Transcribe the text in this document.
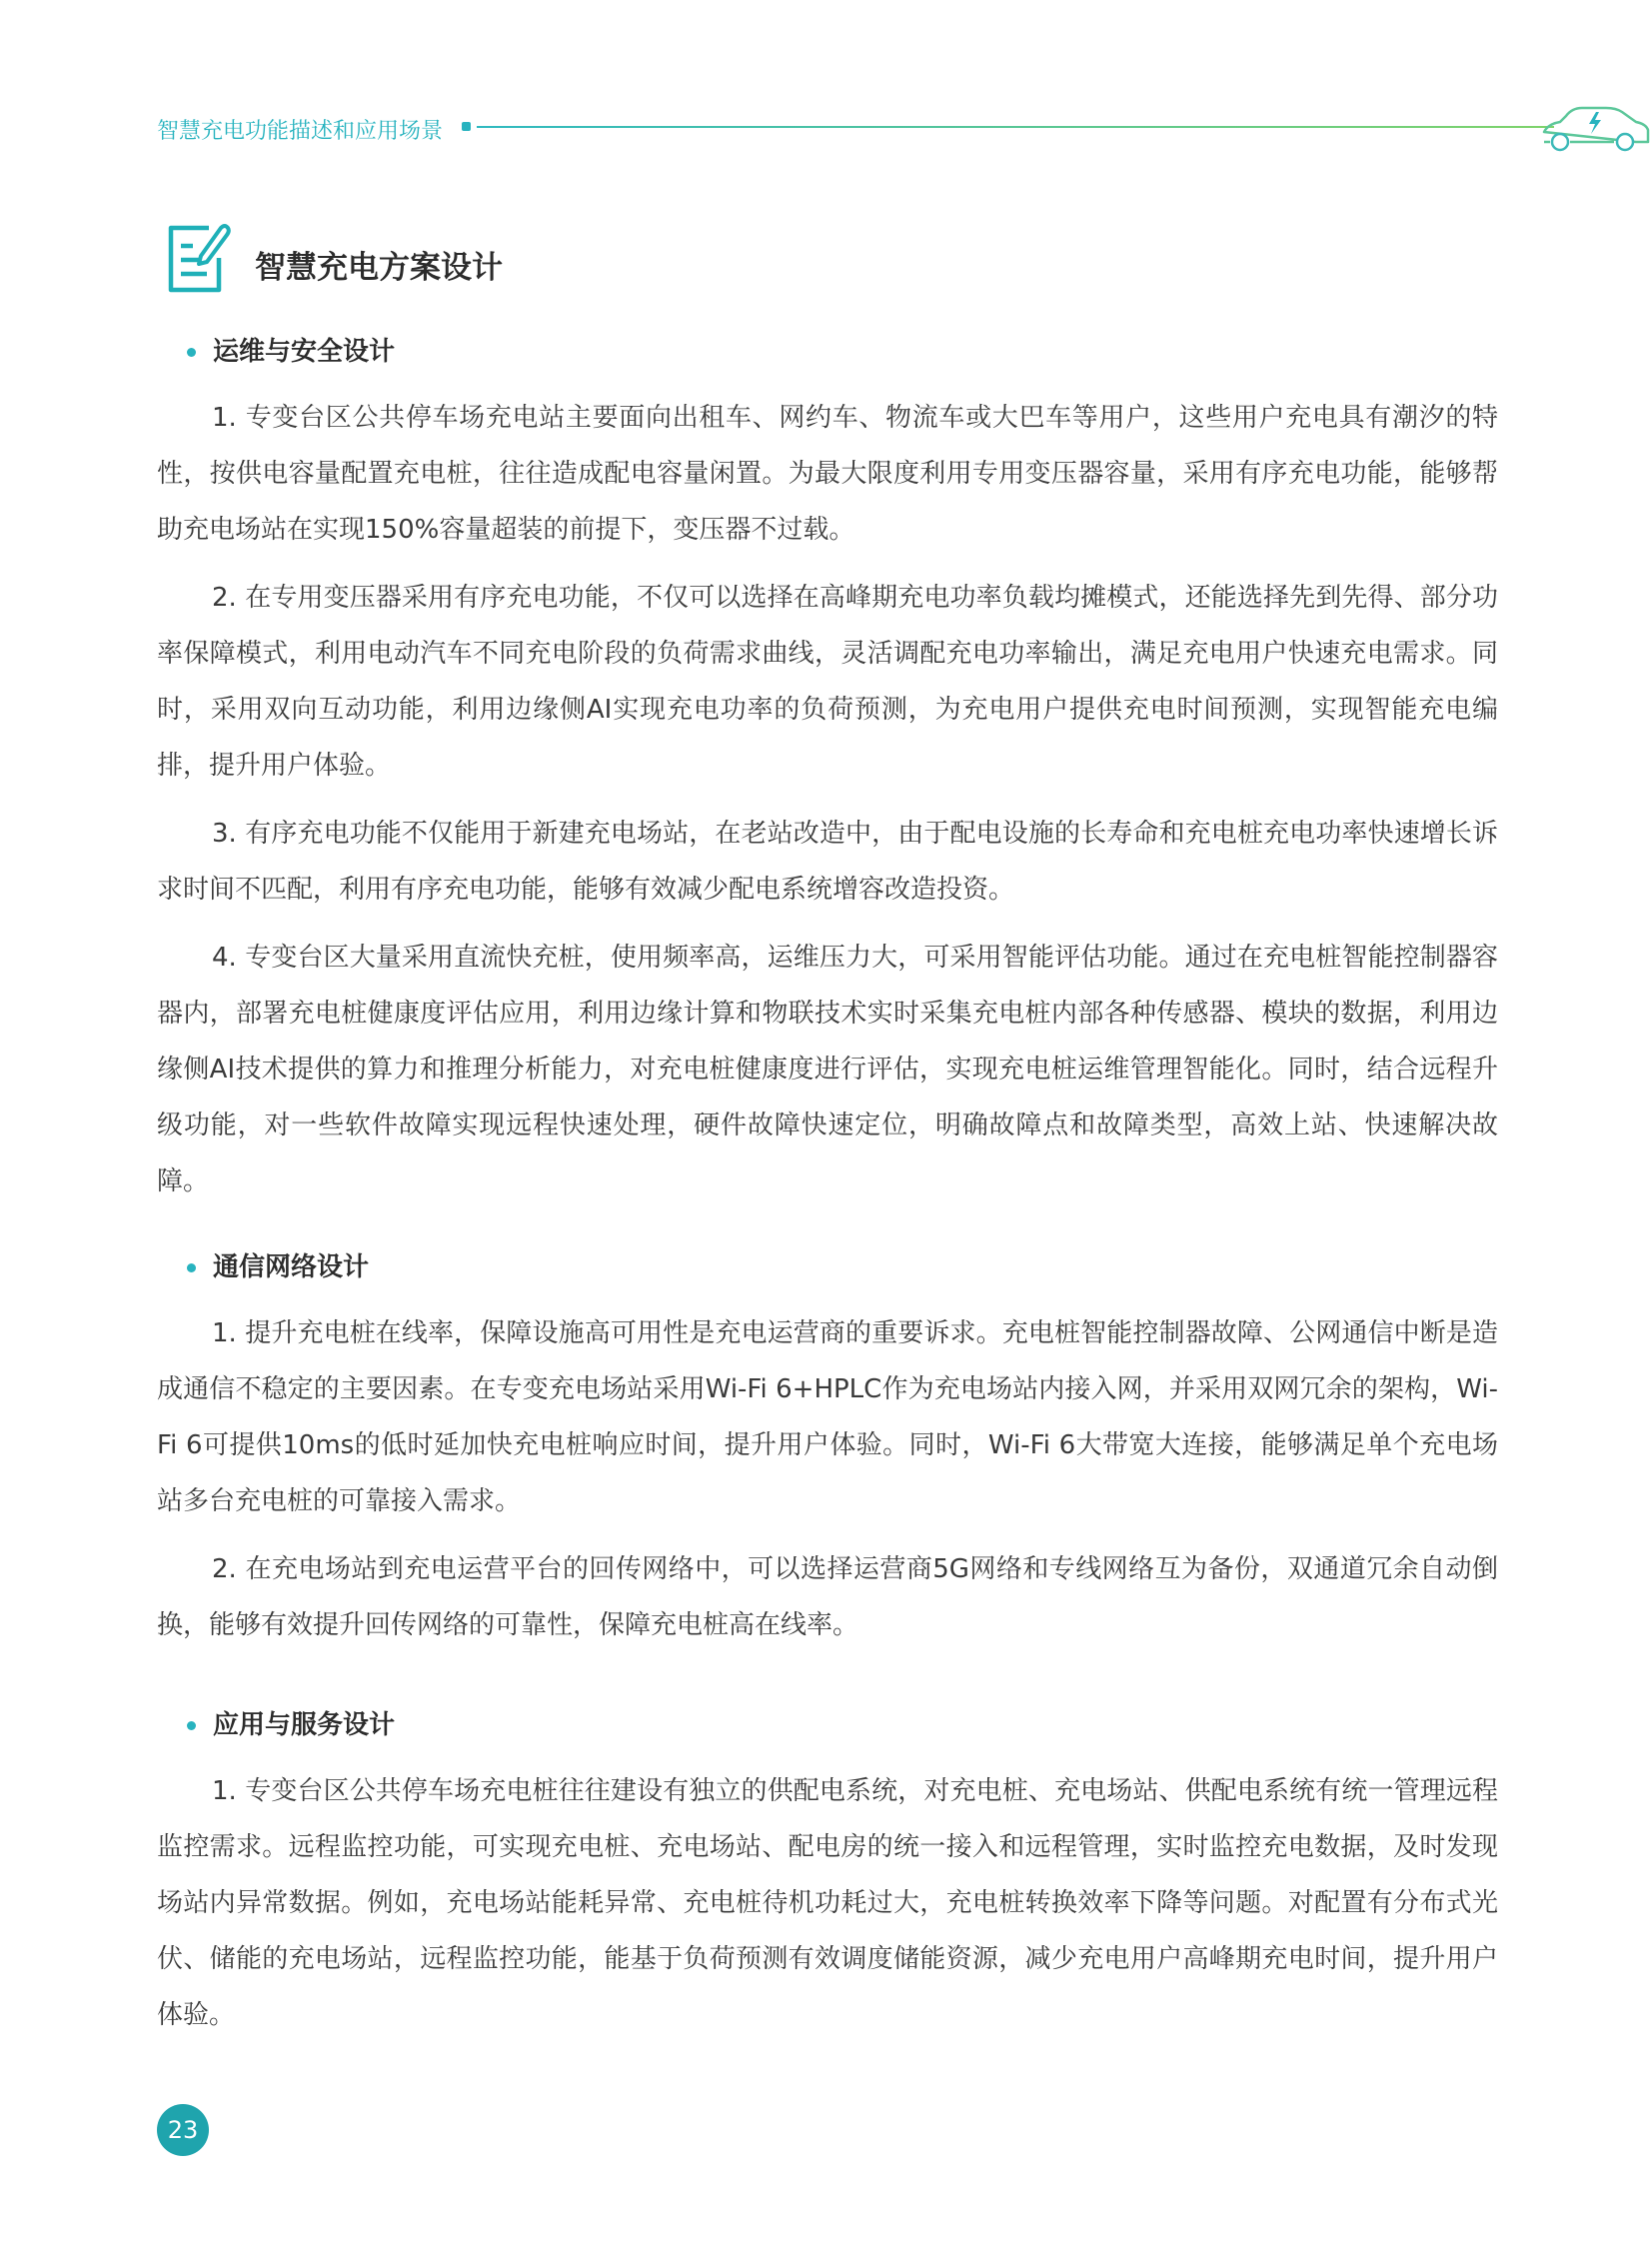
智慧充电功能描述和应用场景
智慧充电方案设计
运维与安全设计

1. 专变台区公共停车场充电站主要面向出租车、网约车、物流车或大巴车等用户，这些用户充电具有潮汐的特性，按供电容量配置充电桩，往往造成配电容量闲置。为最大限度利用专用变压器容量，采用有序充电功能，能够帮助充电场站在实现150%容量超装的前提下，变压器不过载。

2. 在专用变压器采用有序充电功能，不仅可以选择在高峰期充电功率负载均摊模式，还能选择先到先得、部分功率保障模式，利用电动汽车不同充电阶段的负荷需求曲线，灵活调配充电功率输出，满足充电用户快速充电需求。同时，采用双向互动功能，利用边缘侧AI实现充电功率的负荷预测，为充电用户提供充电时间预测，实现智能充电编排，提升用户体验。

3. 有序充电功能不仅能用于新建充电场站，在老站改造中，由于配电设施的长寿命和充电桩充电功率快速增长诉求时间不匹配，利用有序充电功能，能够有效减少配电系统增容改造投资。

4. 专变台区大量采用直流快充桩，使用频率高，运维压力大，可采用智能评估功能。通过在充电桩智能控制器容器内，部署充电桩健康度评估应用，利用边缘计算和物联技术实时采集充电桩内部各种传感器、模块的数据，利用边缘侧AI技术提供的算力和推理分析能力，对充电桩健康度进行评估，实现充电桩运维管理智能化。同时，结合远程升级功能，对一些软件故障实现远程快速处理，硬件故障快速定位，明确故障点和故障类型，高效上站、快速解决故障。

通信网络设计

1. 提升充电桩在线率，保障设施高可用性是充电运营商的重要诉求。充电桩智能控制器故障、公网通信中断是造成通信不稳定的主要因素。在专变充电场站采用Wi-Fi 6+HPLC作为充电场站内接入网，并采用双网冗余的架构，Wi-Fi 6可提供10ms的低时延加快充电桩响应时间，提升用户体验。同时，Wi-Fi 6大带宽大连接，能够满足单个充电场站多台充电桩的可靠接入需求。

2. 在充电场站到充电运营平台的回传网络中，可以选择运营商5G网络和专线网络互为备份，双通道冗余自动倒换，能够有效提升回传网络的可靠性，保障充电桩高在线率。

应用与服务设计

1. 专变台区公共停车场充电桩往往建设有独立的供配电系统，对充电桩、充电场站、供配电系统有统一管理远程监控需求。远程监控功能，可实现充电桩、充电场站、配电房的统一接入和远程管理，实时监控充电数据，及时发现场站内异常数据。例如，充电场站能耗异常、充电桩待机功耗过大，充电桩转换效率下降等问题。对配置有分布式光伏、储能的充电场站，远程监控功能，能基于负荷预测有效调度储能资源，减少充电用户高峰期充电时间，提升用户体验。

23
